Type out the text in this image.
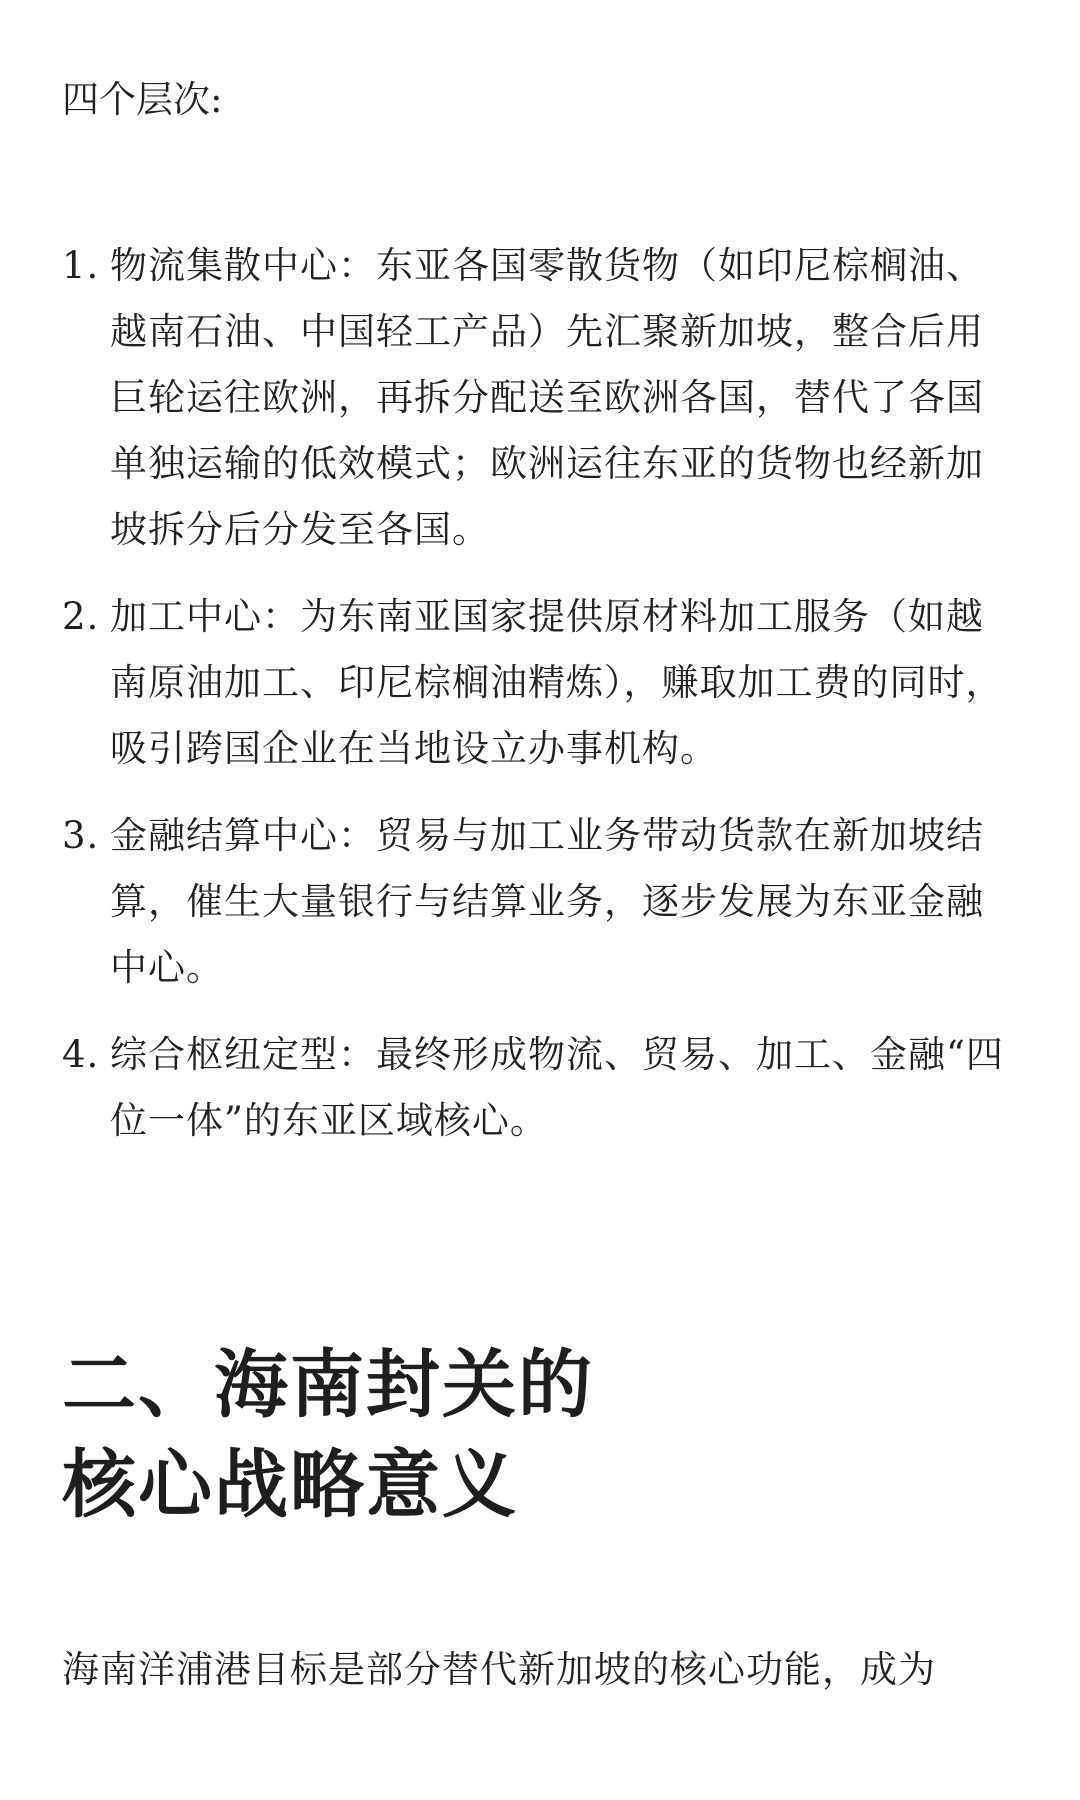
四个层次:

1. 物流集散中心：东亚各国零散货物（如印尼棕榈油、越南石油、中国轻工产品）先汇聚新加坡，整合后用巨轮运往欧洲，再拆分配送至欧洲各国，替代了各国单独运输的低效模式；欧洲运往东亚的货物也经新加坡拆分后分发至各国。
2. 加工中心：为东南亚国家提供原材料加工服务（如越南原油加工、印尼棕榈油精炼），赚取加工费的同时，吸引跨国企业在当地设立办事机构。
3. 金融结算中心：贸易与加工业务带动货款在新加坡结算，催生大量银行与结算业务，逐步发展为东亚金融中心。
4. 综合枢纽定型：最终形成物流、贸易、加工、金融“四位一体”的东亚区域核心。
二、海南封关的
核心战略意义

海南洋浦港目标是部分替代新加坡的核心功能，成为
